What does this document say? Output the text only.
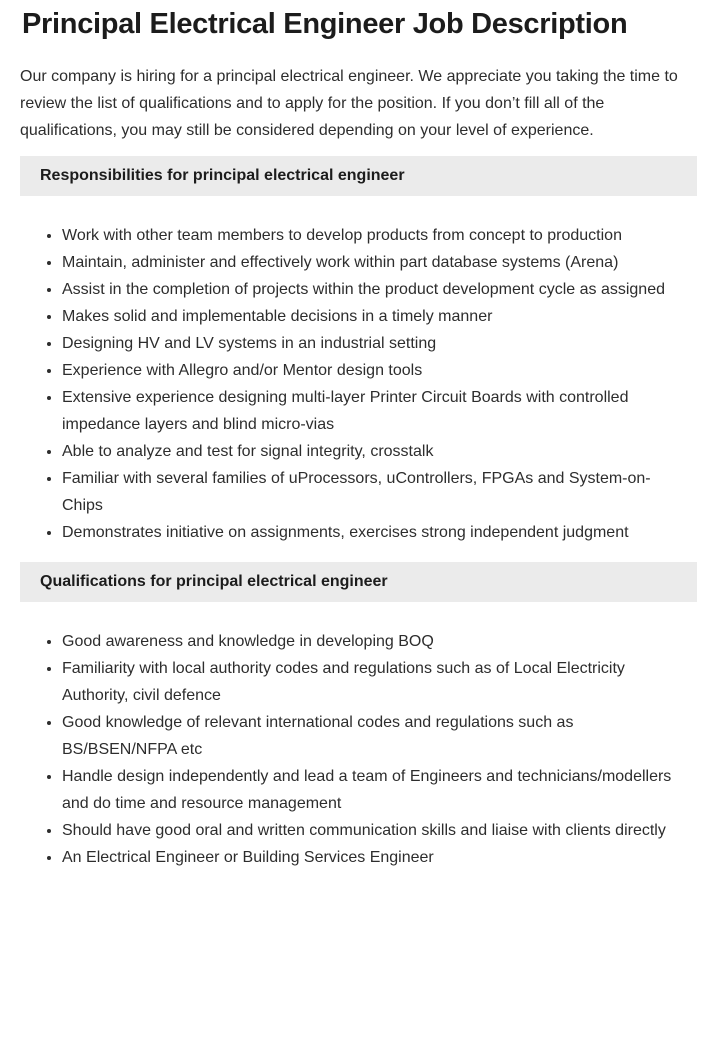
Principal Electrical Engineer Job Description

Our company is hiring for a principal electrical engineer. We appreciate you taking the time to review the list of qualifications and to apply for the position. If you don’t fill all of the qualifications, you may still be considered depending on your level of experience.

Responsibilities for principal electrical engineer
• Work with other team members to develop products from concept to production
• Maintain, administer and effectively work within part database systems (Arena)
• Assist in the completion of projects within the product development cycle as assigned
• Makes solid and implementable decisions in a timely manner
• Designing HV and LV systems in an industrial setting
• Experience with Allegro and/or Mentor design tools
• Extensive experience designing multi-layer Printer Circuit Boards with controlled impedance layers and blind micro-vias
• Able to analyze and test for signal integrity, crosstalk
• Familiar with several families of uProcessors, uControllers, FPGAs and System-on-Chips
• Demonstrates initiative on assignments, exercises strong independent judgment
Qualifications for principal electrical engineer
• Good awareness and knowledge in developing BOQ
• Familiarity with local authority codes and regulations such as of Local Electricity Authority, civil defence
• Good knowledge of relevant international codes and regulations such as BS/BSEN/NFPA etc
• Handle design independently and lead a team of Engineers and technicians/modellers and do time and resource management
• Should have good oral and written communication skills and liaise with clients directly
• An Electrical Engineer or Building Services Engineer
